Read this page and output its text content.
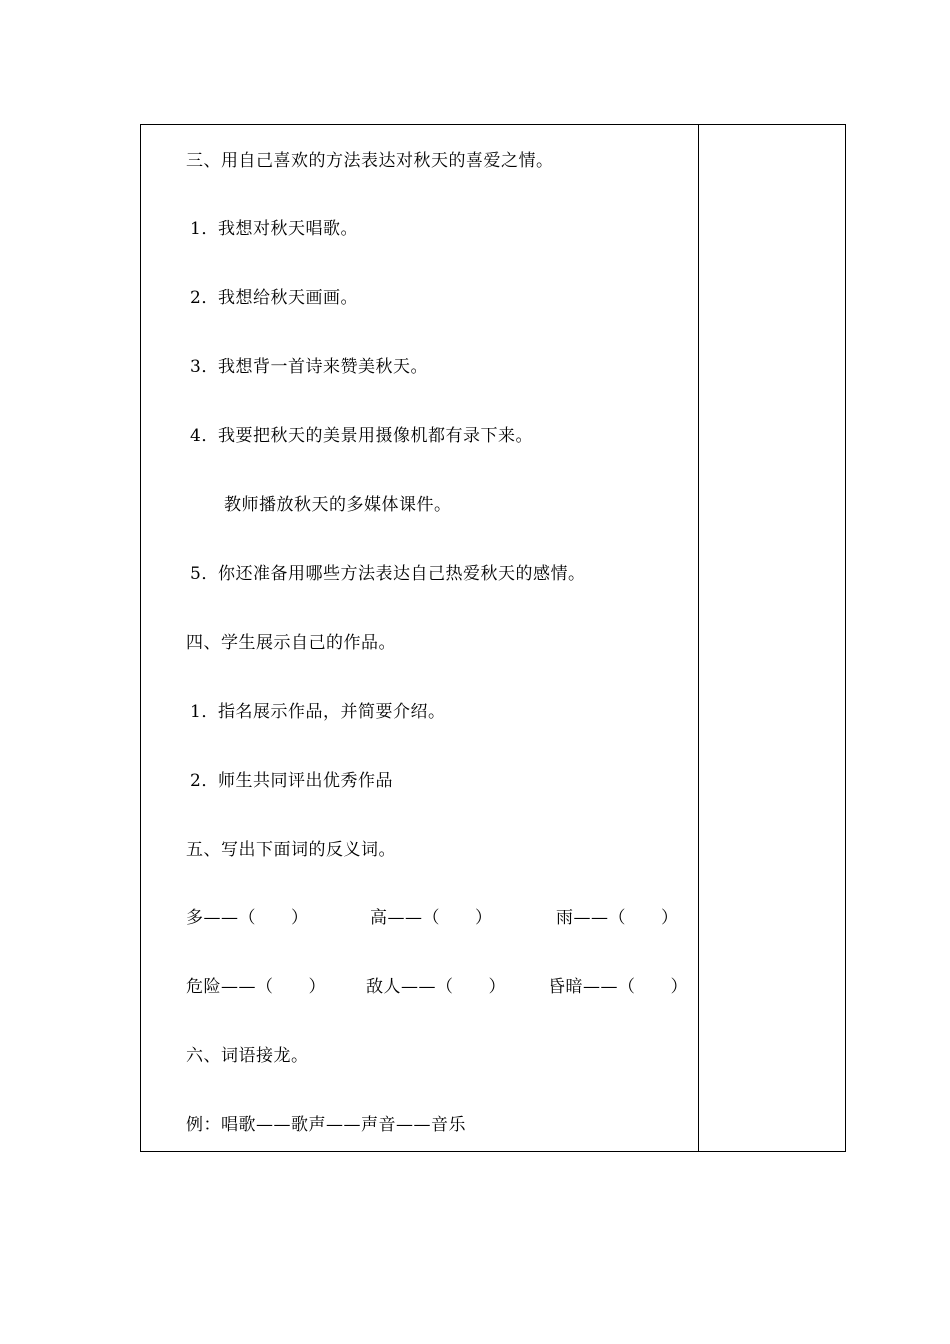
三、用自己喜欢的方法表达对秋天的喜爱之情。
1．我想对秋天唱歌。
2．我想给秋天画画。
3．我想背一首诗来赞美秋天。
4．我要把秋天的美景用摄像机都有录下来。
教师播放秋天的多媒体课件。
5．你还准备用哪些方法表达自己热爱秋天的感情。
四、学生展示自己的作品。
1．指名展示作品，并简要介绍。
2．师生共同评出优秀作品
五、写出下面词的反义词。
多——（　　）	高——（　　）	雨——（　　）
危险——（　　） 敌人——（　　） 昏暗——（　　）
六、词语接龙。
例：唱歌——歌声——声音——音乐
